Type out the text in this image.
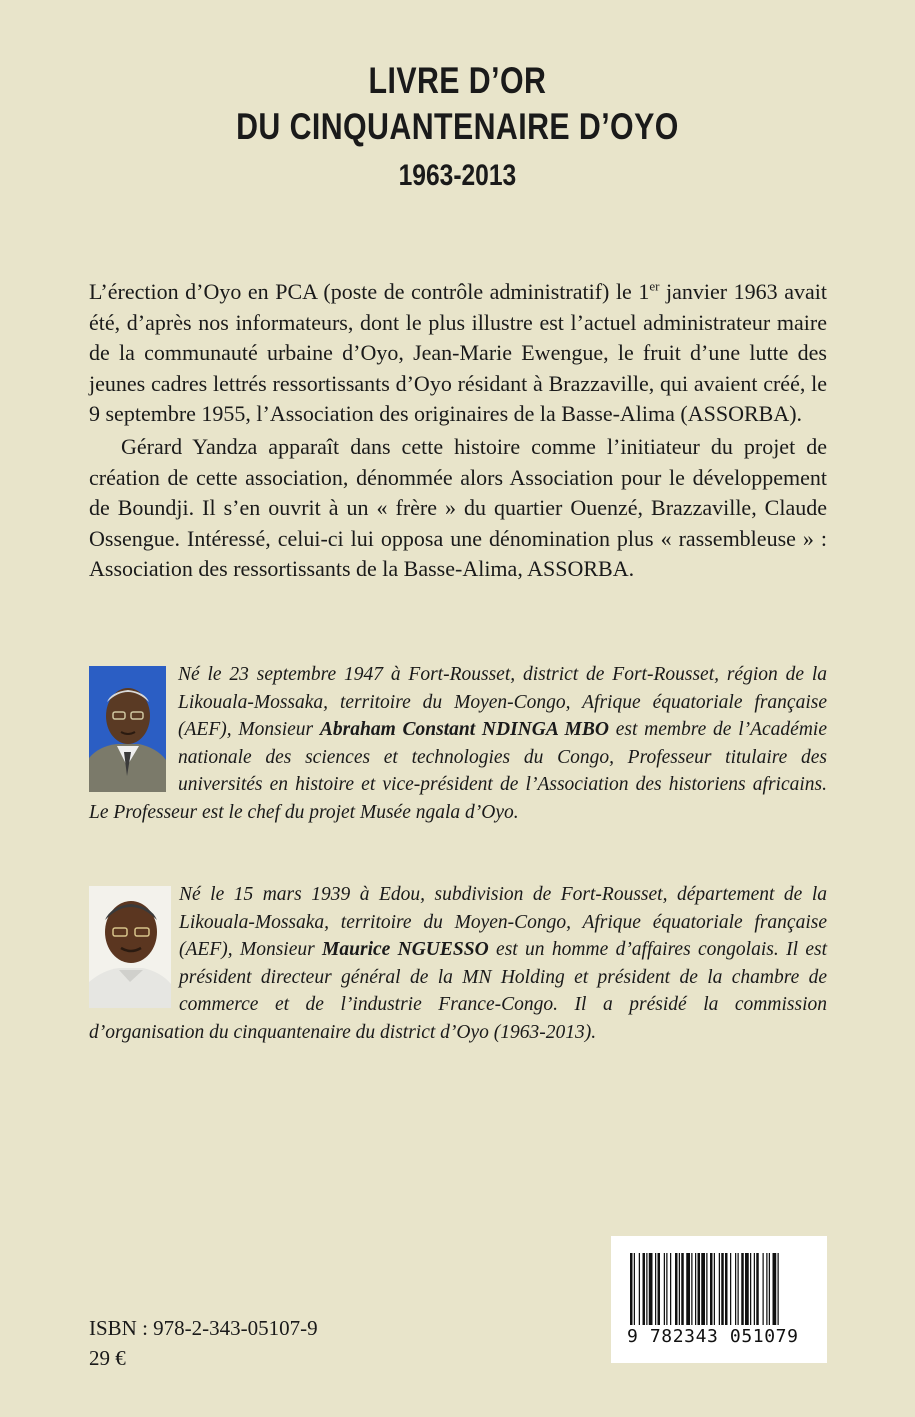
LIVRE D’OR
DU CINQUANTENAIRE D’OYO
1963-2013

L’érection d’Oyo en PCA (poste de contrôle administratif) le 1er janvier 1963 avait été, d’après nos informateurs, dont le plus illustre est l’actuel administrateur maire de la communauté urbaine d’Oyo, Jean-Marie Ewengue, le fruit d’une lutte des jeunes cadres lettrés ressortissants d’Oyo résidant à Brazzaville, qui avaient créé, le 9 septembre 1955, l’Association des originaires de la Basse-Alima (ASSORBA).

Gérard Yandza apparaît dans cette histoire comme l’initiateur du projet de création de cette association, dénommée alors Association pour le développement de Boundji. Il s’en ouvrit à un « frère » du quartier Ouenzé, Brazzaville, Claude Ossengue. Intéressé, celui-ci lui opposa une dénomination plus « rassembleuse » : Association des ressortissants de la Basse-Alima, ASSORBA.

Né le 23 septembre 1947 à Fort-Rousset, district de Fort-Rousset, région de la Likouala-Mossaka, territoire du Moyen-Congo, Afrique équatoriale française (AEF), Monsieur Abraham Constant NDINGA MBO est membre de l’Académie nationale des sciences et technologies du Congo, Professeur titulaire des universités en histoire et vice-président de l’Association des historiens africains. Le Professeur est le chef du projet Musée ngala d’Oyo.

Né le 15 mars 1939 à Edou, subdivision de Fort-Rousset, département de la Likouala-Mossaka, territoire du Moyen-Congo, Afrique équatoriale française (AEF), Monsieur Maurice NGUESSO est un homme d’affaires congolais. Il est président directeur général de la MN Holding et président de la chambre de commerce et de l’industrie France-Congo. Il a présidé la commission d’organisation du cinquantenaire du district d’Oyo (1963-2013).

ISBN : 978-2-343-05107-9
29 €
9 782343 051079
